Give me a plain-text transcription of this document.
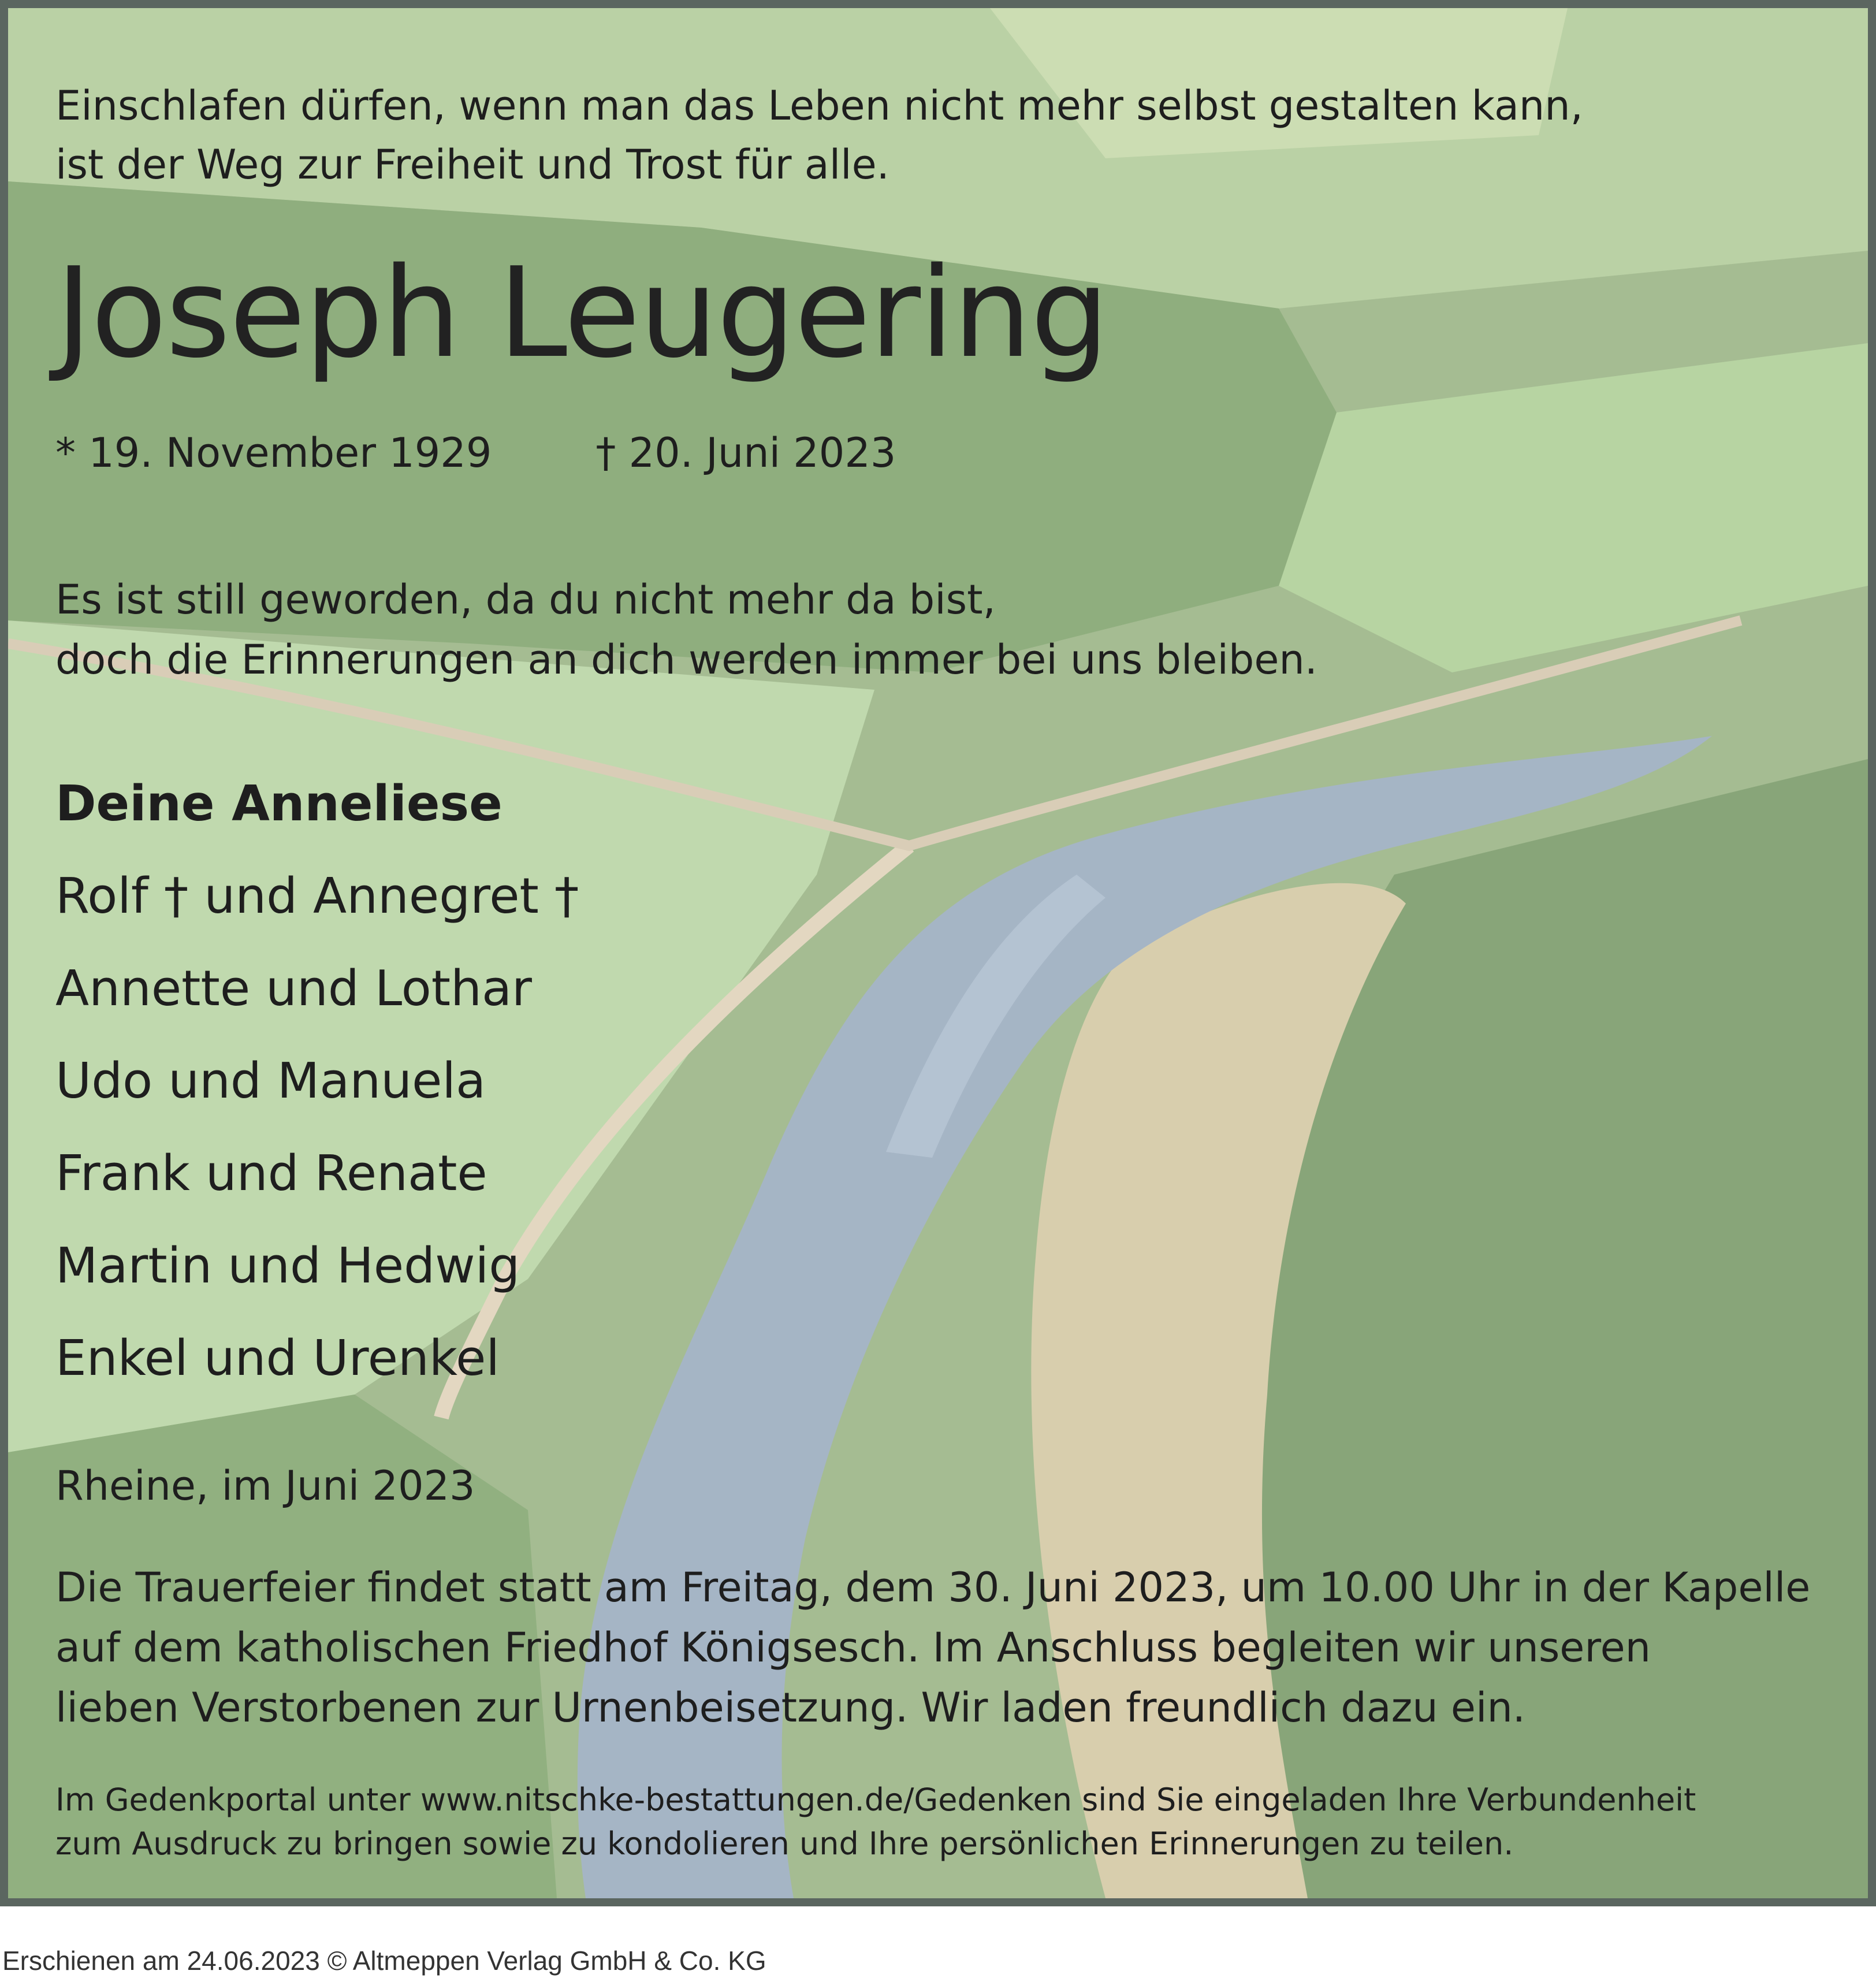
Einschlafen dürfen, wenn man das Leben nicht mehr selbst gestalten kann,
ist der Weg zur Freiheit und Trost für alle.

Joseph Leugering

* 19. November 1929	† 20. Juni 2023

Es ist still geworden, da du nicht mehr da bist,
doch die Erinnerungen an dich werden immer bei uns bleiben.

Deine Anneliese
Rolf † und Annegret †
Annette und Lothar
Udo und Manuela
Frank und Renate
Martin und Hedwig
Enkel und Urenkel

Rheine, im Juni 2023

Die Trauerfeier findet statt am Freitag, dem 30. Juni 2023, um 10.00 Uhr in der Kapelle
auf dem katholischen Friedhof Königsesch. Im Anschluss begleiten wir unseren
lieben Verstorbenen zur Urnenbeisetzung. Wir laden freundlich dazu ein.

Im Gedenkportal unter www.nitschke-bestattungen.de/Gedenken sind Sie eingeladen Ihre Verbundenheit
zum Ausdruck zu bringen sowie zu kondolieren und Ihre persönlichen Erinnerungen zu teilen.

Erschienen am 24.06.2023 © Altmeppen Verlag GmbH & Co. KG
